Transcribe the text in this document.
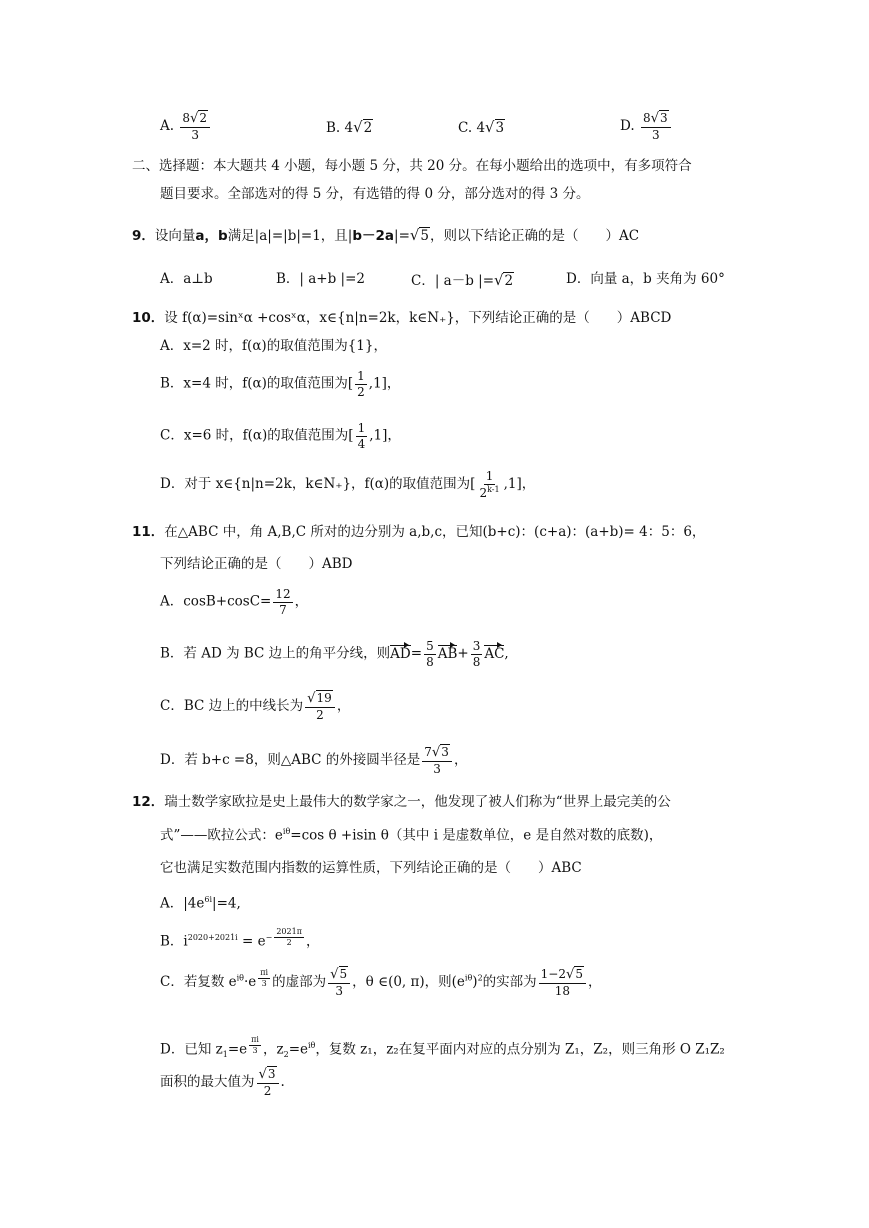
A. $\frac{8√2}{3}$	B. 4√2	C. 4√3	D. $\frac{8√3}{3}$
二、选择题：本大题共 4 小题，每小题 5 分，共 20 分。在每小题给出的选项中，有多项符合
题目要求。全部选对的得 5 分，有选错的得 0 分，部分选对的得 3 分。
9．设向量a，b满足|a|=|b|=1，且|b－2a|=√5，则以下结论正确的是（　　）AC
A．a⊥b	B．| a+b |=2	C．| a－b |=√2	D．向量 a，b 夹角为 60°
10．设 f(α)=sinˣα +cosˣα，x∈{n|n=2k，k∈N₊}，下列结论正确的是（　　）ABCD
A．x=2 时，f(α)的取值范围为{1}，
B．x=4 时，f(α)的取值范围为[ $\frac{1}{2} ,1$]，
C．x=6 时，f(α)的取值范围为[ $\frac{1}{4} ,1$]，
D．对于 x∈{n|n=2k，k∈N₊}，f(α)的取值范围为[ $\frac{1}{2^{k-1}} ,1$]，
11．在△ABC 中，角 A,B,C 所对的边分别为 a,b,c，已知(b+c)：(c+a)：(a+b)= 4：5：6，
下列结论正确的是（　　）ABD
A．$\cos B+\cos C= \frac{12}{7}$ ，
B．若 AD 为 BC 边上的角平分线，则$AD= \frac{5}{8} AB+ \frac{3}{8}$ AC,
C．BC 边上的中线长为 $\frac{√19}{2}$ ，
D．若 b+c =8，则△ABC 的外接圆半径是 $\frac{7√3}{3}$ ，
12．瑞士数学家欧拉是史上最伟大的数学家之一，他发现了被人们称为“世界上最完美的公
式”——欧拉公式：$e^{i\theta}=\cos$ θ +isin θ（其中 i 是虚数单位，e 是自然对数的底数)，
它也满足实数范围内指数的运算性质，下列结论正确的是（　　）ABC
A．$|4e^{6i}|=4$,
B．$i^{2020+2021i} = e^{- \frac{2021\pi}{2}}$ ，
C．若复数 $e^{i\theta}\cdot e$ $^{\frac{\pi i}{3}}$ 的虚部为 $\frac{√5}{3}$ ，θ ∈(0, π)，则$(e^{i\theta})^2$的实部为 $\frac{1-2√5}{18}$ ，
D．已知 $z_1=e$ $^{\frac{\pi i}{3}}$ ，$z_2=e^{i\theta}$，复数 z₁，z₂在复平面内对应的点分别为 Z₁，Z₂，则三角形 O Z₁Z₂
面积的最大值为 $\frac{√3}{2}$ .
